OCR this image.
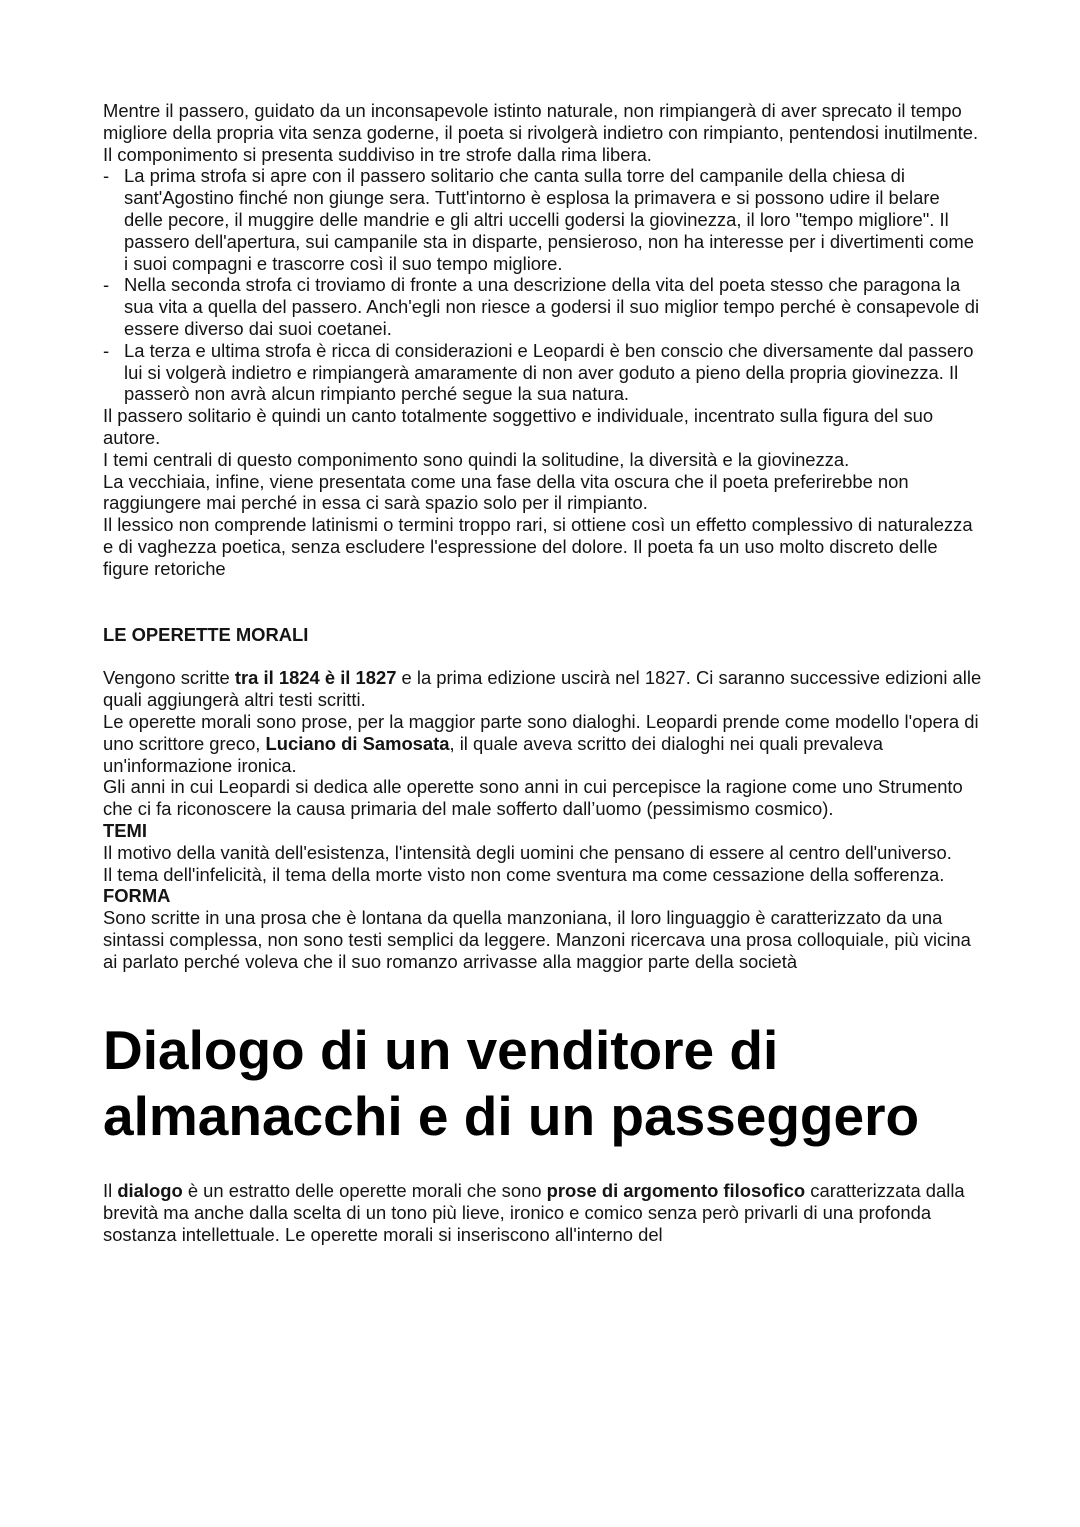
Mentre il passero, guidato da un inconsapevole istinto naturale, non rimpiangerà di aver sprecato il tempo migliore della propria vita senza goderne, il poeta si rivolgerà indietro con rimpianto, pentendosi inutilmente.

Il componimento si presenta suddiviso in tre strofe dalla rima libera.

- La prima strofa si apre con il passero solitario che canta sulla torre del campanile della chiesa di sant'Agostino finché non giunge sera. Tutt'intorno è esplosa la primavera e si possono udire il belare delle pecore, il muggire delle mandrie e gli altri uccelli godersi la giovinezza, il loro "tempo migliore". Il passero dell'apertura, sui campanile sta in disparte, pensieroso, non ha interesse per i divertimenti come i suoi compagni e trascorre così il suo tempo migliore.
- Nella seconda strofa ci troviamo di fronte a una descrizione della vita del poeta stesso che paragona la sua vita a quella del passero. Anch'egli non riesce a godersi il suo miglior tempo perché è consapevole di essere diverso dai suoi coetanei.
- La terza e ultima strofa è ricca di considerazioni e Leopardi è ben conscio che diversamente dal passero lui si volgerà indietro e rimpiangerà amaramente di non aver goduto a pieno della propria giovinezza. Il passerò non avrà alcun rimpianto perché segue la sua natura.

Il passero solitario è quindi un canto totalmente soggettivo e individuale, incentrato sulla figura del suo autore.

I temi centrali di questo componimento sono quindi la solitudine, la diversità e la giovinezza.

La vecchiaia, infine, viene presentata come una fase della vita oscura che il poeta preferirebbe non raggiungere mai perché in essa ci sarà spazio solo per il rimpianto.

Il lessico non comprende latinismi o termini troppo rari, si ottiene così un effetto complessivo di naturalezza e di vaghezza poetica, senza escludere l'espressione del dolore. Il poeta fa un uso molto discreto delle figure retoriche

LE OPERETTE MORALI

Vengono scritte tra il 1824 è il 1827 e la prima edizione uscirà nel 1827. Ci saranno successive edizioni alle quali aggiungerà altri testi scritti.

Le operette morali sono prose, per la maggior parte sono dialoghi. Leopardi prende come modello l'opera di uno scrittore greco, Luciano di Samosata, il quale aveva scritto dei dialoghi nei quali prevaleva

un'informazione ironica.

Gli anni in cui Leopardi si dedica alle operette sono anni in cui percepisce la ragione come uno Strumento che ci fa riconoscere la causa primaria del male sofferto dall’uomo (pessimismo cosmico).

TEMI

Il motivo della vanità dell'esistenza, l'intensità degli uomini che pensano di essere al centro dell'universo.

Il tema dell'infelicità, il tema della morte visto non come sventura ma come cessazione della sofferenza.

FORMA

Sono scritte in una prosa che è lontana da quella manzoniana, il loro linguaggio è caratterizzato da una sintassi complessa, non sono testi semplici da leggere. Manzoni ricercava una prosa colloquiale, più vicina ai parlato perché voleva che il suo romanzo arrivasse alla maggior parte della società

Dialogo di un venditore di
almanacchi e di un passeggero

Il dialogo è un estratto delle operette morali che sono prose di argomento filosofico caratterizzata dalla brevità ma anche dalla scelta di un tono più lieve, ironico e comico senza però privarli di una profonda sostanza intellettuale. Le operette morali si inseriscono all'interno del
